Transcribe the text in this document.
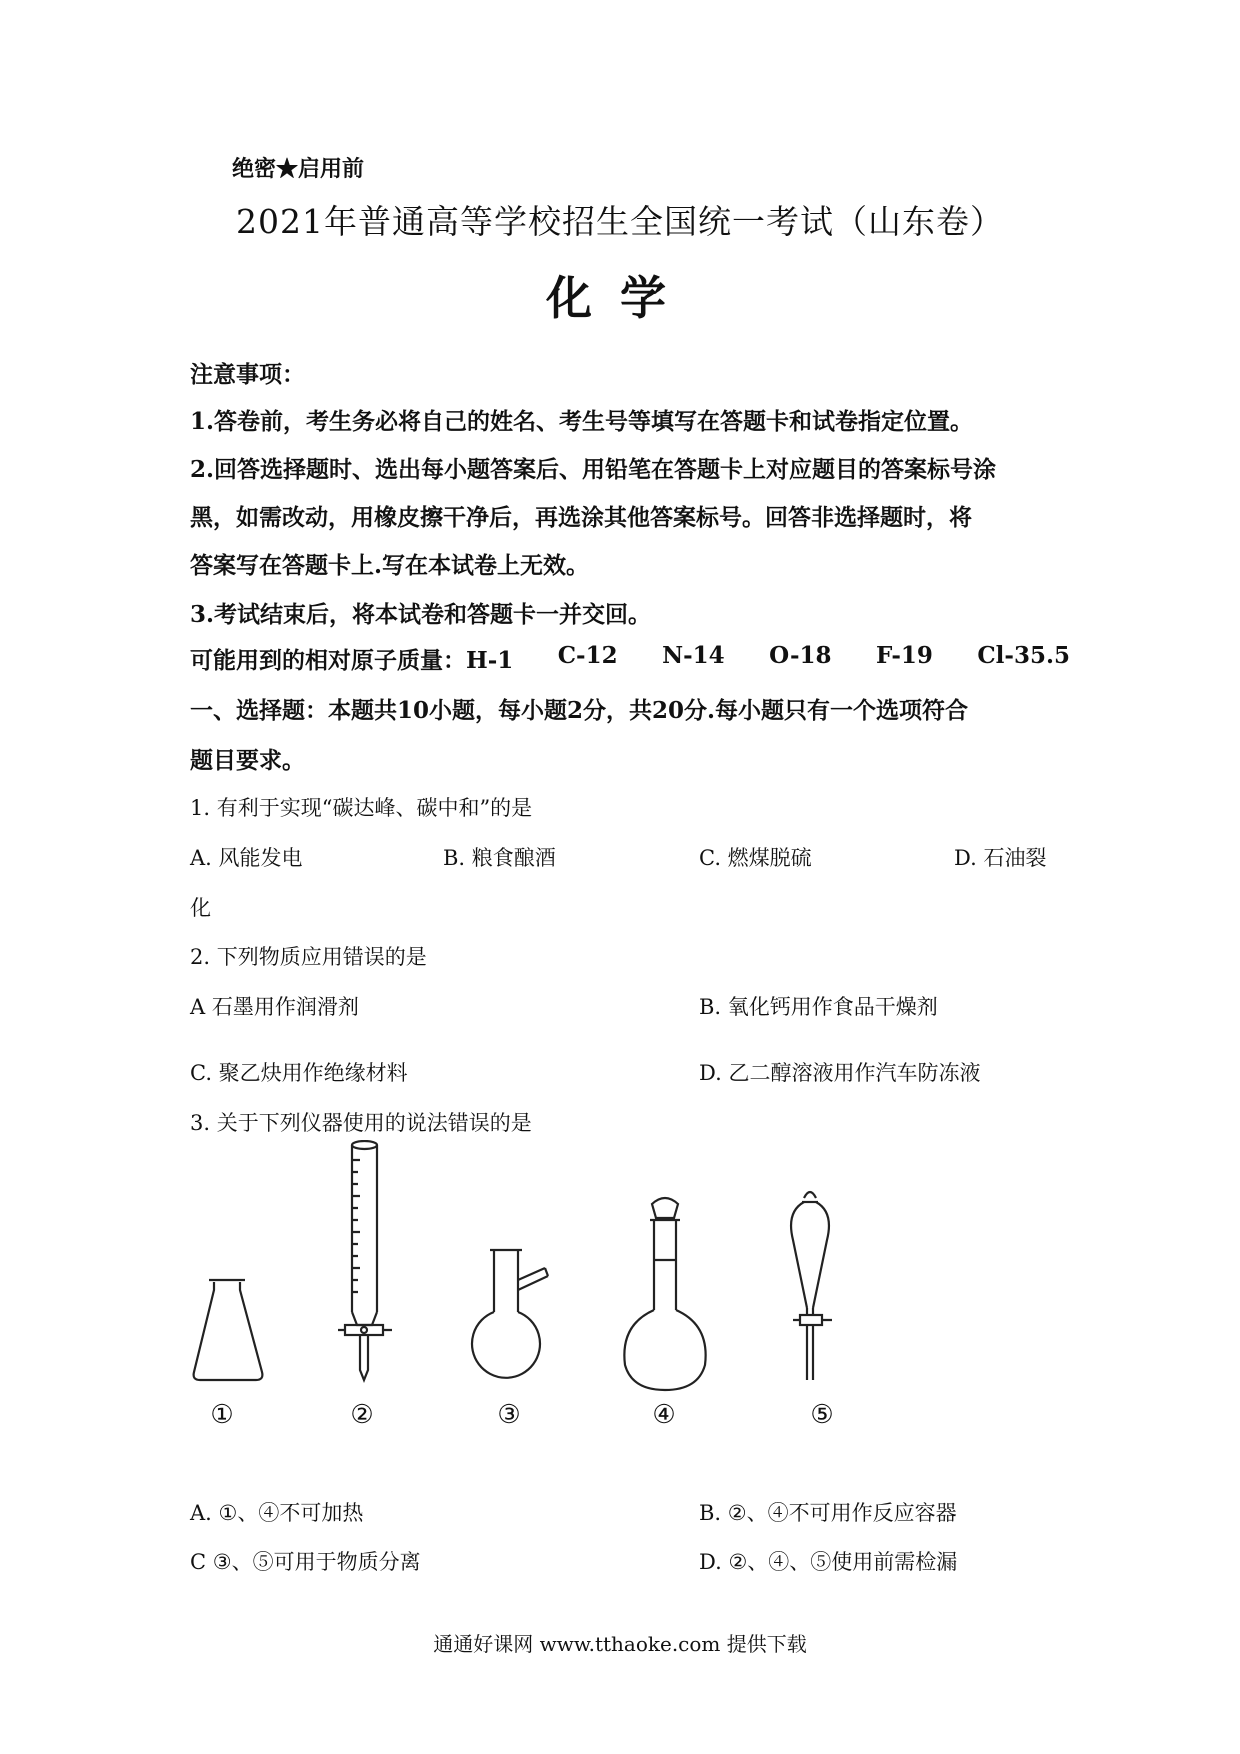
绝密★启用前
2021年普通高等学校招生全国统一考试（山东卷）
化学
注意事项：
1.答卷前，考生务必将自己的姓名、考生号等填写在答题卡和试卷指定位置。
2.回答选择题时、选出每小题答案后、用铅笔在答题卡上对应题目的答案标号涂
黑，如需改动，用橡皮擦干净后，再选涂其他答案标号。回答非选择题时，将
答案写在答题卡上.写在本试卷上无效。
3.考试结束后，将本试卷和答题卡一并交回。
可能用到的相对原子质量：H-1 C-12 N-14 O-18 F-19 Cl-35.5
一、选择题：本题共10小题，每小题2分，共20分.每小题只有一个选项符合
题目要求。
1. 有利于实现“碳达峰、碳中和”的是
A. 风能发电	B. 粮食酿酒	C. 燃煤脱硫	D. 石油裂
化
2. 下列物质应用错误的是
A 石墨用作润滑剂	B. 氧化钙用作食品干燥剂
C. 聚乙炔用作绝缘材料	D. 乙二醇溶液用作汽车防冻液
3. 关于下列仪器使用的说法错误的是
①	②	③	④	⑤
A. ①、④不可加热	B. ②、④不可用作反应容器
C ③、⑤可用于物质分离	D. ②、④、⑤使用前需检漏
通通好课网 www.tthaoke.com 提供下载
